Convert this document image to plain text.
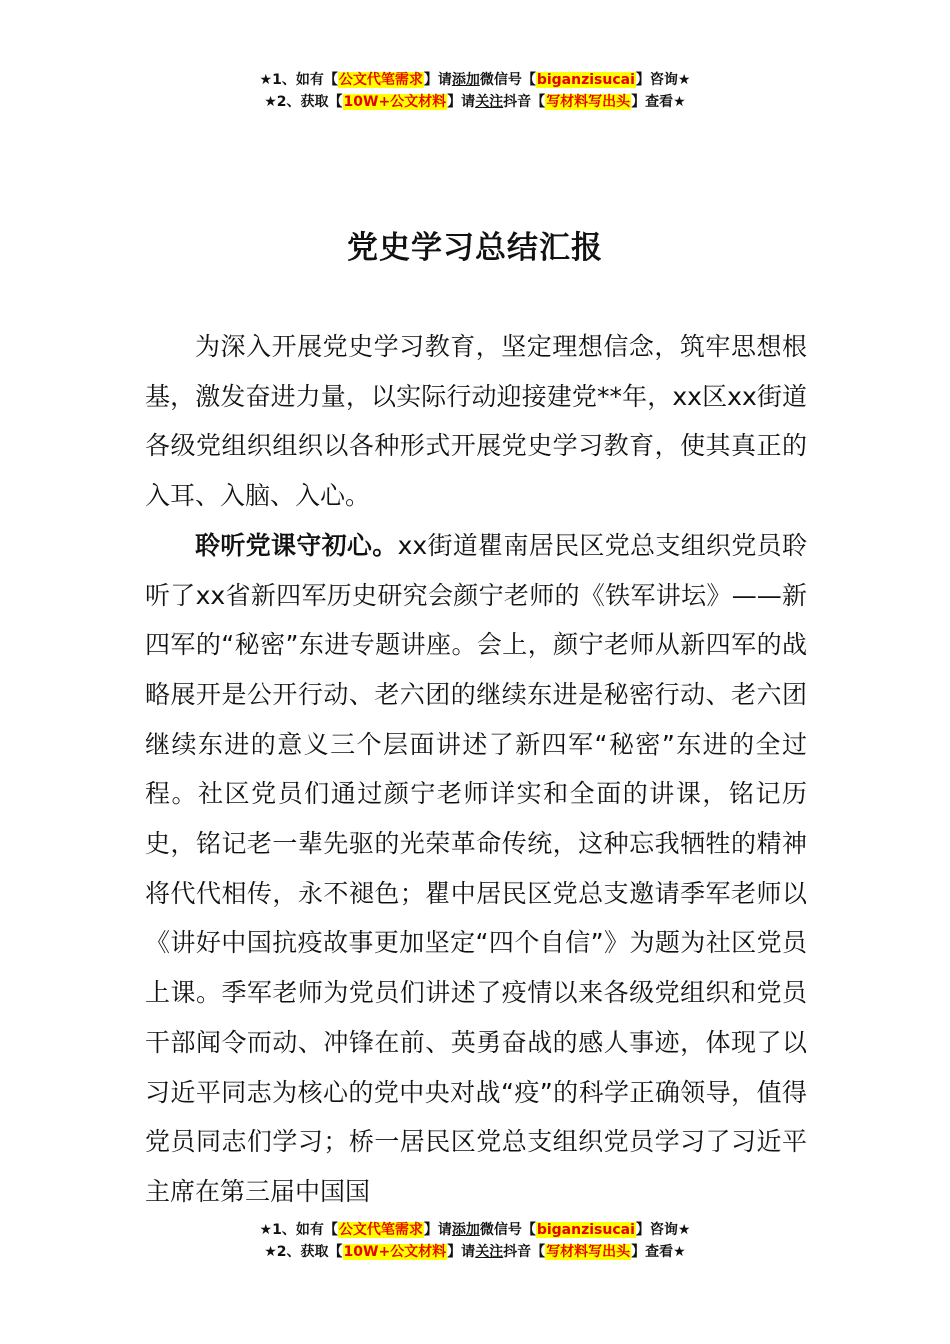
★1、如有【公文代笔需求】请添加微信号【biganzisucai】咨询★
★2、获取【10W+公文材料】请关注抖音【写材料写出头】查看★
党史学习总结汇报

为深入开展党史学习教育，坚定理想信念，筑牢思想根基，激发奋进力量，以实际行动迎接建党**年，xx区xx街道各级党组织组织以各种形式开展党史学习教育，使其真正的入耳、入脑、入心。

聆听党课守初心。xx街道瞿南居民区党总支组织党员聆听了xx省新四军历史研究会颜宁老师的《铁军讲坛》——新四军的“秘密”东进专题讲座。会上，颜宁老师从新四军的战略展开是公开行动、老六团的继续东进是秘密行动、老六团继续东进的意义三个层面讲述了新四军“秘密”东进的全过程。社区党员们通过颜宁老师详实和全面的讲课，铭记历史，铭记老一辈先驱的光荣革命传统，这种忘我牺牲的精神将代代相传，永不褪色；瞿中居民区党总支邀请季军老师以《讲好中国抗疫故事更加坚定“四个自信”》为题为社区党员上课。季军老师为党员们讲述了疫情以来各级党组织和党员干部闻令而动、冲锋在前、英勇奋战的感人事迹，体现了以习近平同志为核心的党中央对战“疫”的科学正确领导，值得党员同志们学习；桥一居民区党总支组织党员学习了习近平主席在第三届中国国

★1、如有【公文代笔需求】请添加微信号【biganzisucai】咨询★
★2、获取【10W+公文材料】请关注抖音【写材料写出头】查看★
